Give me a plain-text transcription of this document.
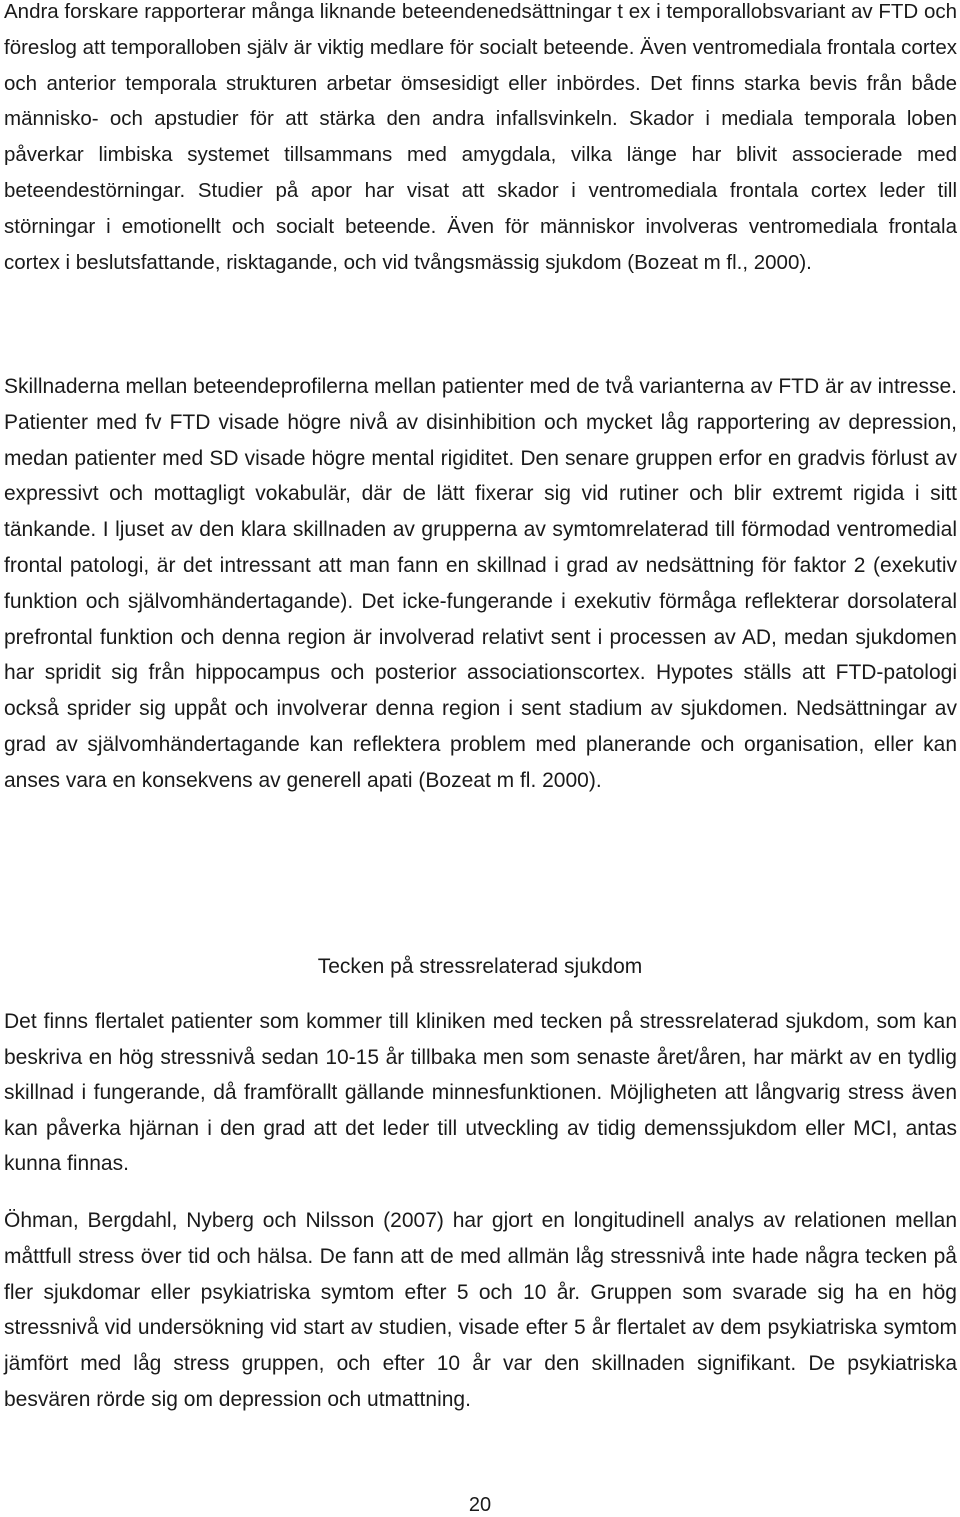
Andra forskare rapporterar många liknande beteendenedsättningar t ex i temporallobsvariant av FTD och föreslog att temporalloben själv är viktig medlare för socialt beteende. Även ventromediala frontala cortex och anterior temporala strukturen arbetar ömsesidigt eller inbördes. Det finns starka bevis från både människo- och apstudier för att stärka den andra infallsvinkeln. Skador i mediala temporala loben påverkar limbiska systemet tillsammans med amygdala, vilka länge har blivit associerade med beteendestörningar. Studier på apor har visat att skador i ventromediala frontala cortex leder till störningar i emotionellt och socialt beteende. Även för människor involveras ventromediala frontala cortex i beslutsfattande, risktagande, och vid tvångsmässig sjukdom (Bozeat m fl., 2000).

Skillnaderna mellan beteendeprofilerna mellan patienter med de två varianterna av FTD är av intresse. Patienter med fv FTD visade högre nivå av disinhibition och mycket låg rapportering av depression, medan patienter med SD visade högre mental rigiditet. Den senare gruppen erfor en gradvis förlust av expressivt och mottagligt vokabulär, där de lätt fixerar sig vid rutiner och blir extremt rigida i sitt tänkande. I ljuset av den klara skillnaden av grupperna av symtomrelaterad till förmodad ventromedial frontal patologi, är det intressant att man fann en skillnad i grad av nedsättning för faktor 2 (exekutiv funktion och självomhändertagande). Det icke-fungerande i exekutiv förmåga reflekterar dorsolateral prefrontal funktion och denna region är involverad relativt sent i processen av AD, medan sjukdomen har spridit sig från hippocampus och posterior associationscortex. Hypotes ställs att FTD-patologi också sprider sig uppåt och involverar denna region i sent stadium av sjukdomen. Nedsättningar av grad av självomhändertagande kan reflektera problem med planerande och organisation, eller kan anses vara en konsekvens av generell apati (Bozeat m fl. 2000).

Tecken på stressrelaterad sjukdom

Det finns flertalet patienter som kommer till kliniken med tecken på stressrelaterad sjukdom, som kan beskriva en hög stressnivå sedan 10-15 år tillbaka men som senaste året/åren, har märkt av en tydlig skillnad i fungerande, då framförallt gällande minnesfunktionen. Möjligheten att långvarig stress även kan påverka hjärnan i den grad att det leder till utveckling av tidig demenssjukdom eller MCI, antas kunna finnas.

Öhman, Bergdahl, Nyberg och Nilsson (2007) har gjort en longitudinell analys av relationen mellan måttfull stress över tid och hälsa. De fann att de med allmän låg stressnivå inte hade några tecken på fler sjukdomar eller psykiatriska symtom efter 5 och 10 år. Gruppen som svarade sig ha en hög stressnivå vid undersökning vid start av studien, visade efter 5 år flertalet av dem psykiatriska symtom jämfört med låg stress gruppen, och efter 10 år var den skillnaden signifikant. De psykiatriska besvären rörde sig om depression och utmattning.

20
